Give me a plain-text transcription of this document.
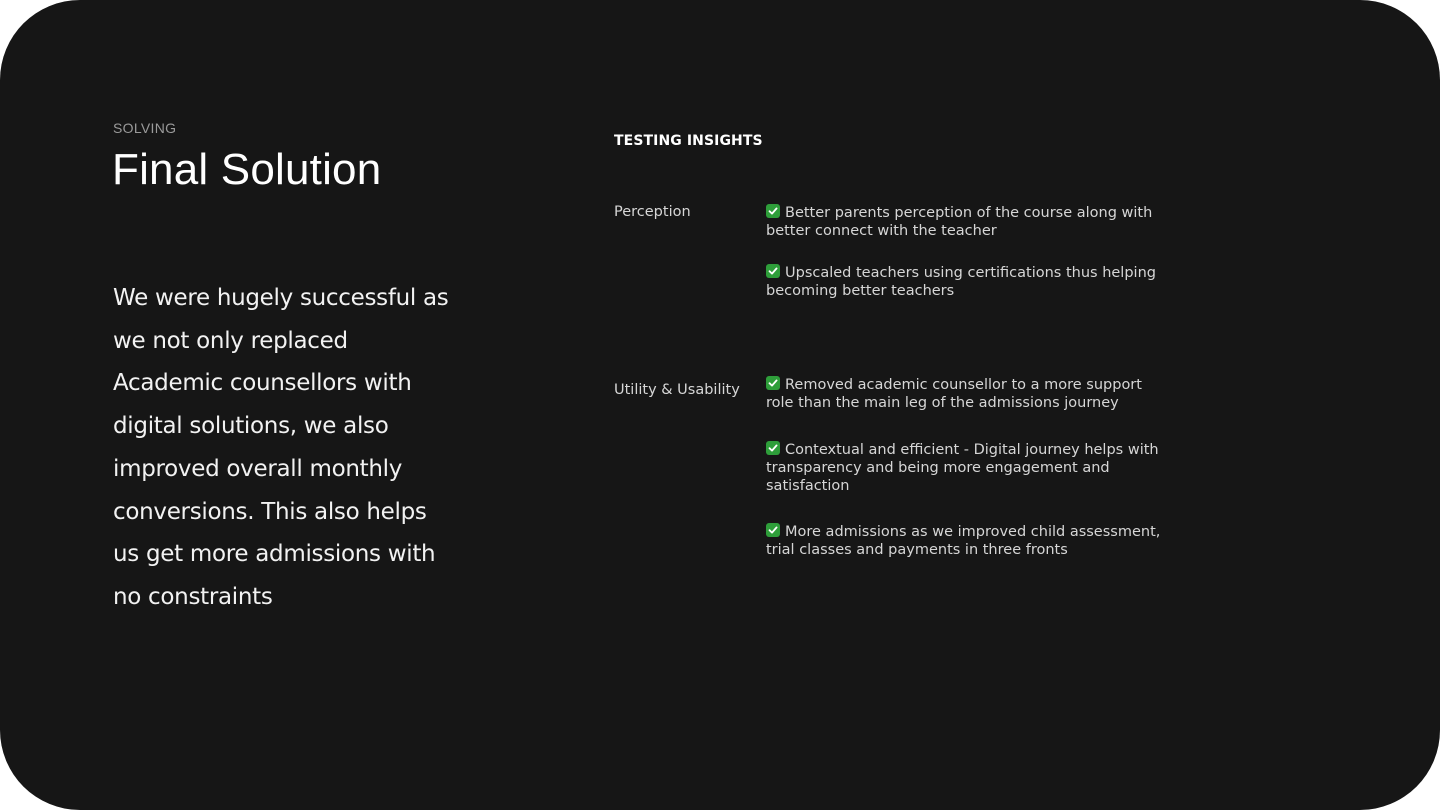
SOLVING
Final Solution

We were hugely successful as we not only replaced Academic counsellors with digital solutions, we also improved overall monthly conversions. This also helps us get more admissions with no constraints

TESTING INSIGHTS
Perception	Better parents perception of the course along with better connect with the teacher
Upscaled teachers using certifications thus helping becoming better teachers
Utility & Usability	Removed academic counsellor to a more support role than the main leg of the admissions journey
Contextual and efficient - Digital journey helps with transparency and being more engagement and satisfaction
More admissions as we improved child assessment, trial classes and payments in three fronts
